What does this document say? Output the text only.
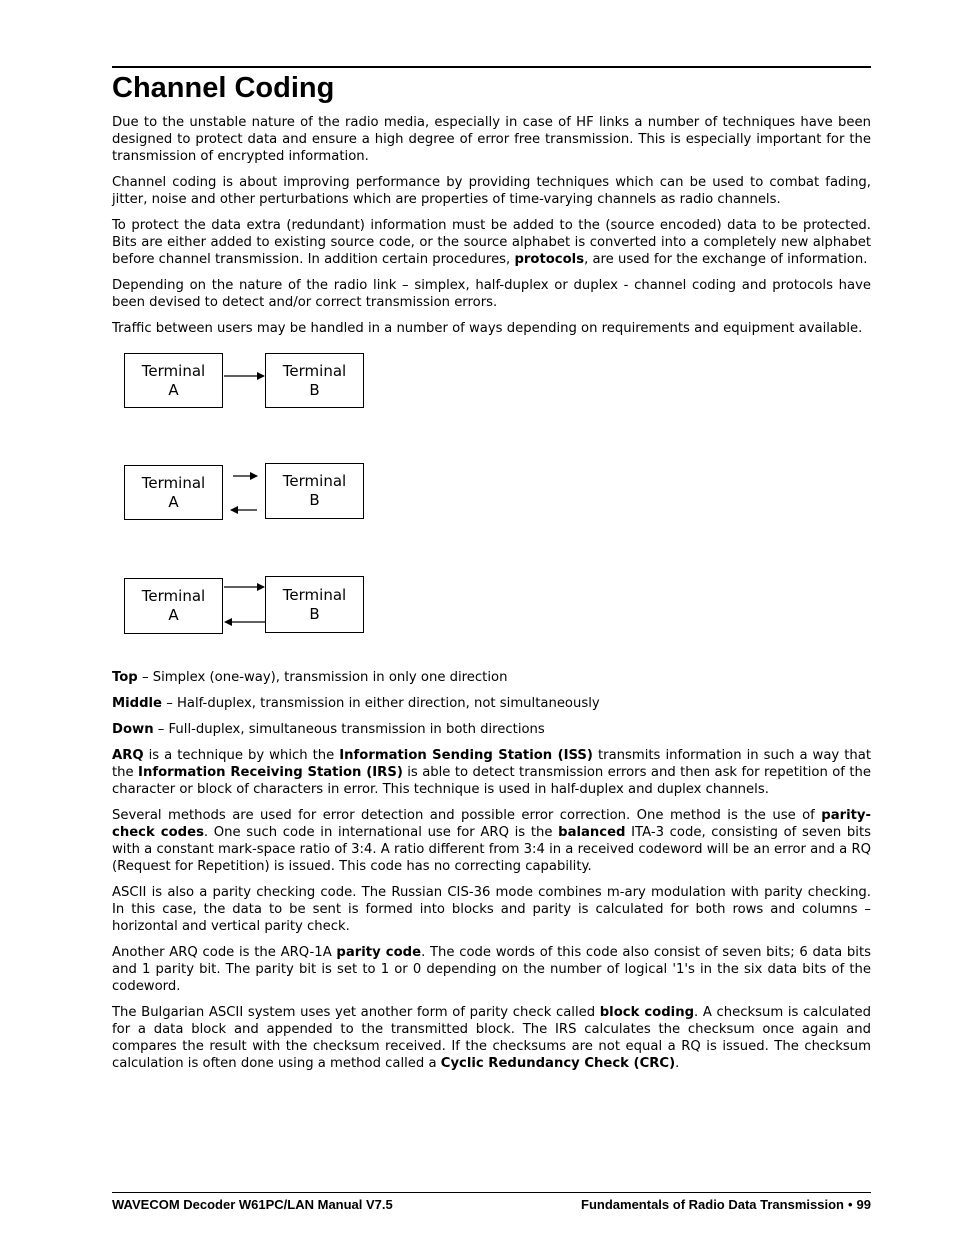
Channel Coding

Due to the unstable nature of the radio media, especially in case of HF links a number of techniques have been designed to protect data and ensure a high degree of error free transmission. This is especially important for the transmission of encrypted information.

Channel coding is about improving performance by providing techniques which can be used to combat fading, jitter, noise and other perturbations which are properties of time-varying channels as radio channels.

To protect the data extra (redundant) information must be added to the (source encoded) data to be protected. Bits are either added to existing source code, or the source alphabet is converted into a completely new alphabet before channel transmission. In addition certain procedures, protocols, are used for the exchange of information.

Depending on the nature of the radio link – simplex, half-duplex or duplex - channel coding and protocols have been devised to detect and/or correct transmission errors.

Traffic between users may be handled in a number of ways depending on requirements and equipment available.

Terminal
A
Terminal
B
Terminal
A
Terminal
B
Terminal
A
Terminal
B

Top – Simplex (one-way), transmission in only one direction

Middle – Half-duplex, transmission in either direction, not simultaneously

Down – Full-duplex, simultaneous transmission in both directions

ARQ is a technique by which the Information Sending Station (ISS) transmits information in such a way that the Information Receiving Station (IRS) is able to detect transmission errors and then ask for repetition of the character or block of characters in error. This technique is used in half-duplex and duplex channels.

Several methods are used for error detection and possible error correction. One method is the use of parity-check codes. One such code in international use for ARQ is the balanced ITA-3 code, consisting of seven bits with a constant mark-space ratio of 3:4. A ratio different from 3:4 in a received codeword will be an error and a RQ (Request for Repetition) is issued. This code has no correcting capability.

ASCII is also a parity checking code. The Russian CIS-36 mode combines m-ary modulation with parity checking. In this case, the data to be sent is formed into blocks and parity is calculated for both rows and columns – horizontal and vertical parity check.

Another ARQ code is the ARQ-1A parity code. The code words of this code also consist of seven bits; 6 data bits and 1 parity bit. The parity bit is set to 1 or 0 depending on the number of logical '1's in the six data bits of the codeword.

The Bulgarian ASCII system uses yet another form of parity check called block coding. A checksum is calculated for a data block and appended to the transmitted block. The IRS calculates the checksum once again and compares the result with the checksum received. If the checksums are not equal a RQ is issued. The checksum calculation is often done using a method called a Cyclic Redundancy Check (CRC).

WAVECOM Decoder W61PC/LAN Manual V7.5	Fundamentals of Radio Data Transmission • 99
